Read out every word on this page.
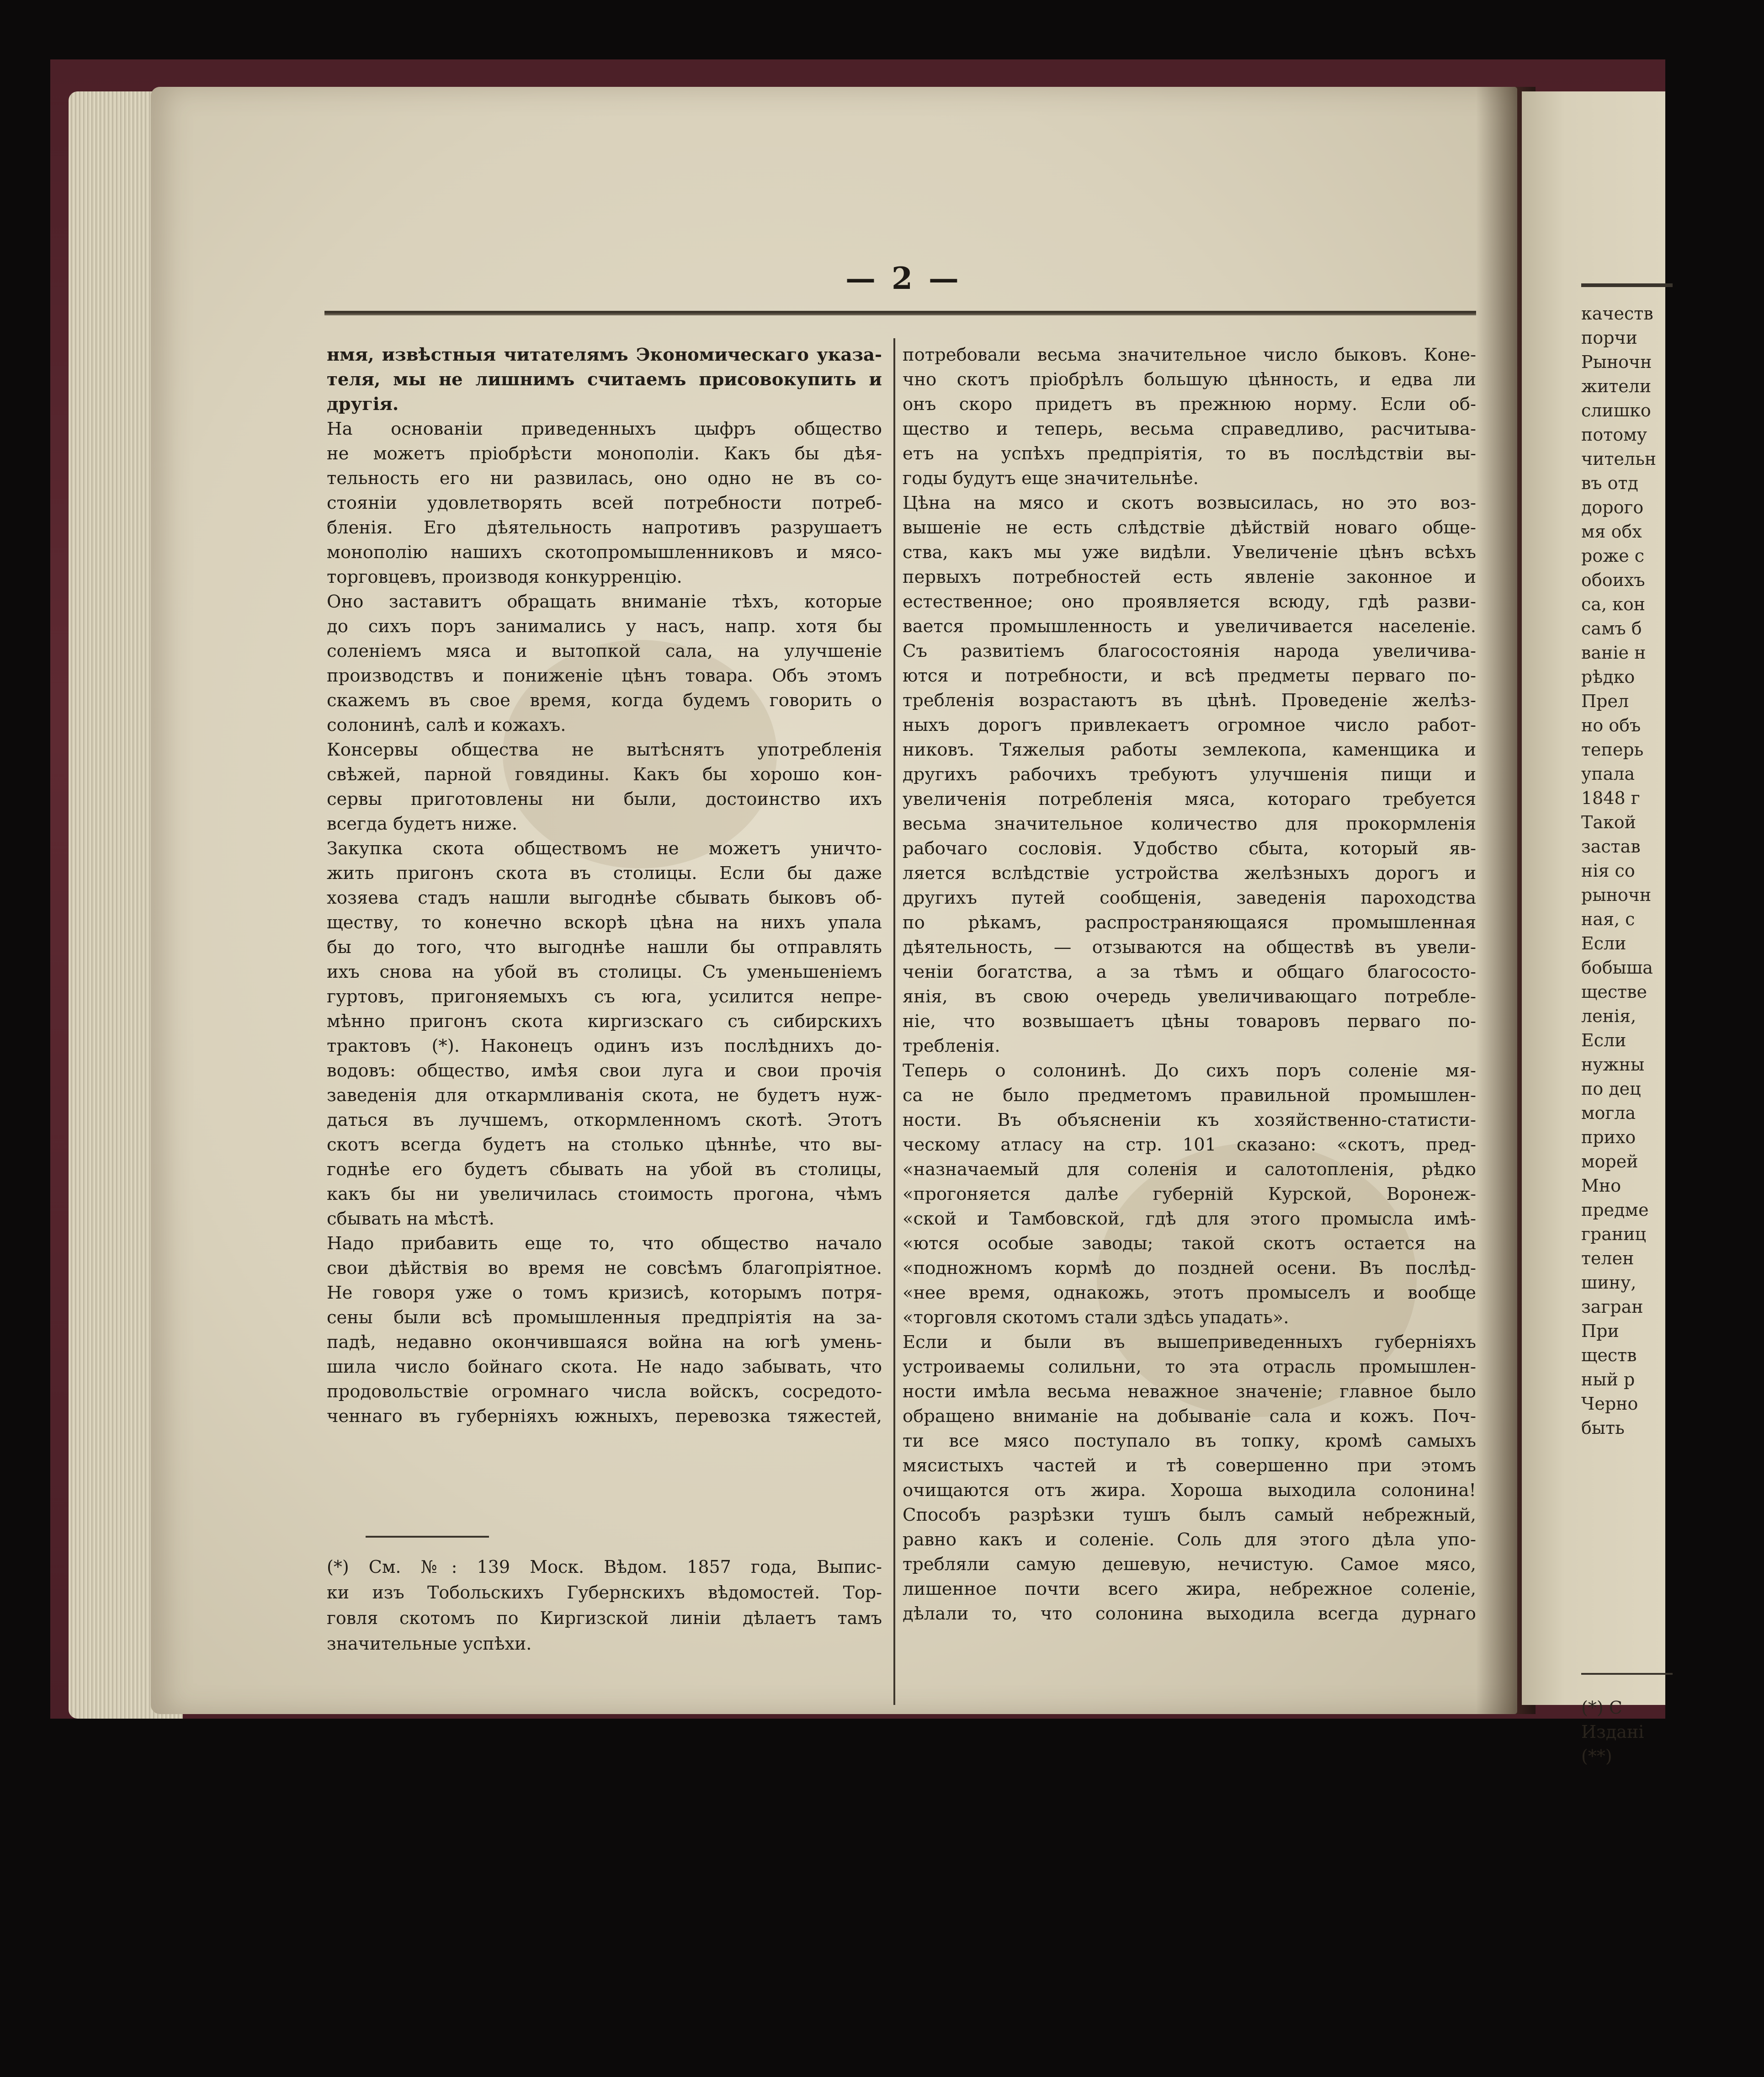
— 2 —
нмя, извѣстныя читателямъ Экономическаго указа-
теля, мы не лишнимъ считаемъ присовокупить и
другія.
На основаніи приведенныхъ цыфръ общество
не можетъ пріобрѣсти монополіи. Какъ бы дѣя-
тельность его ни развилась, оно одно не въ со-
стояніи удовлетворять всей потребности потреб-
бленія. Его дѣятельность напротивъ разрушаетъ
монополію нашихъ скотопромышленниковъ и мясо-
торговцевъ, производя конкурренцію.
Оно заставитъ обращать вниманіе тѣхъ, которые
до сихъ поръ занимались у насъ, напр. хотя бы
соленіемъ мяса и вытопкой сала, на улучшеніе
производствъ и пониженіе цѣнъ товара. Объ этомъ
скажемъ въ свое время, когда будемъ говорить о
солонинѣ, салѣ и кожахъ.
Консервы общества не вытѣснятъ употребленія
свѣжей, парной говядины. Какъ бы хорошо кон-
сервы приготовлены ни были, достоинство ихъ
всегда будетъ ниже.
Закупка скота обществомъ не можетъ уничто-
жить пригонъ скота въ столицы. Если бы даже
хозяева стадъ нашли выгоднѣе сбывать быковъ об-
ществу, то конечно вскорѣ цѣна на нихъ упала
бы до того, что выгоднѣе нашли бы отправлять
ихъ снова на убой въ столицы. Съ уменьшеніемъ
гуртовъ, пригоняемыхъ съ юга, усилится непре-
мѣнно пригонъ скота киргизскаго съ сибирскихъ
трактовъ (*). Наконецъ одинъ изъ послѣднихъ до-
водовъ: общество, имѣя свои луга и свои прочія
заведенія для откармливанія скота, не будетъ нуж-
даться въ лучшемъ, откормленномъ скотѣ. Этотъ
скотъ всегда будетъ на столько цѣннѣе, что вы-
годнѣе его будетъ сбывать на убой въ столицы,
какъ бы ни увеличилась стоимость прогона, чѣмъ
сбывать на мѣстѣ.
Надо прибавить еще то, что общество начало
свои дѣйствія во время не совсѣмъ благопріятное.
Не говоря уже о томъ кризисѣ, которымъ потря-
сены были всѣ промышленныя предпріятія на за-
падѣ, недавно окончившаяся война на югѣ умень-
шила число бойнаго скота. Не надо забывать, что
продовольствіе огромнаго числа войскъ, сосредото-
ченнаго въ губерніяхъ южныхъ, перевозка тяжестей,
потребовали весьма значительное число быковъ. Коне-
чно скотъ пріобрѣлъ большую цѣнность, и едва ли
онъ скоро придетъ въ прежнюю норму. Если об-
щество и теперь, весьма справедливо, расчитыва-
етъ на успѣхъ предпріятія, то въ послѣдствіи вы-
годы будутъ еще значительнѣе.
Цѣна на мясо и скотъ возвысилась, но это воз-
вышеніе не есть слѣдствіе дѣйствій новаго обще-
ства, какъ мы уже видѣли. Увеличеніе цѣнъ всѣхъ
первыхъ потребностей есть явленіе законное и
естественное; оно проявляется всюду, гдѣ разви-
вается промышленность и увеличивается населеніе.
Съ развитіемъ благосостоянія народа увеличива-
ются и потребности, и всѣ предметы перваго по-
требленія возрастаютъ въ цѣнѣ. Проведеніе желѣз-
ныхъ дорогъ привлекаетъ огромное число работ-
никовъ. Тяжелыя работы землекопа, каменщика и
другихъ рабочихъ требуютъ улучшенія пищи и
увеличенія потребленія мяса, котораго требуется
весьма значительное количество для прокормленія
рабочаго сословія. Удобство сбыта, который яв-
ляется вслѣдствіе устройства желѣзныхъ дорогъ и
другихъ путей сообщенія, заведенія пароходства
по рѣкамъ, распространяющаяся промышленная
дѣятельность, — отзываются на обществѣ въ увели-
ченіи богатства, а за тѣмъ и общаго благососто-
янія, въ свою очередь увеличивающаго потребле-
ніе, что возвышаетъ цѣны товаровъ перваго по-
требленія.
Теперь о солонинѣ. До сихъ поръ соленіе мя-
са не было предметомъ правильной промышлен-
ности. Въ объясненіи къ хозяйственно-статисти-
ческому атласу на стр. 101 сказано: «скотъ, пред-
«назначаемый для соленія и салотопленія, рѣдко
«прогоняется далѣе губерній Курской, Воронеж-
«ской и Тамбовской, гдѣ для этого промысла имѣ-
«ются особые заводы; такой скотъ остается на
«подножномъ кормѣ до поздней осени. Въ послѣд-
«нее время, однакожь, этотъ промыселъ и вообще
«торговля скотомъ стали здѣсь упадать».
Если и были въ вышеприведенныхъ губерніяхъ
устроиваемы солильни, то эта отрасль промышлен-
ности имѣла весьма неважное значеніе; главное было
обращено вниманіе на добываніе сала и кожъ. Поч-
ти все мясо поступало въ топку, кромѣ самыхъ
мясистыхъ частей и тѣ совершенно при этомъ
очищаются отъ жира. Хороша выходила солонина!
Способъ разрѣзки тушъ былъ самый небрежный,
равно какъ и соленіе. Соль для этого дѣла упо-
требляли самую дешевую, нечистую. Самое мясо,
лишенное почти всего жира, небрежное соленіе,
дѣлали то, что солонина выходила всегда дурнаго
(*) См. №: 139 Моск. Вѣдом. 1857 года, Выпис-
ки изъ Тобольскихъ Губернскихъ вѣдомостей. Тор-
говля скотомъ по Киргизской линіи дѣлаетъ тамъ
значительные успѣхи.
качеств
порчи
Рыночн
жители
слишко
потому
чительн
въ отд
дорого
мя обх
роже с
обоихъ
са, кон
самъ б
ваніе н
рѣдко
Прел
но объ
теперь
упала
1848 г
Такой
застав
нія со
рыночн
ная, с
Если
бобыша
ществе
ленія,
Если
нужны
по дец
могла
прихо
морей
Мно
предме
границ
телен
шину,
загран
При
ществ
ный р
Черно
быть
(*) С
Издані
(**)
